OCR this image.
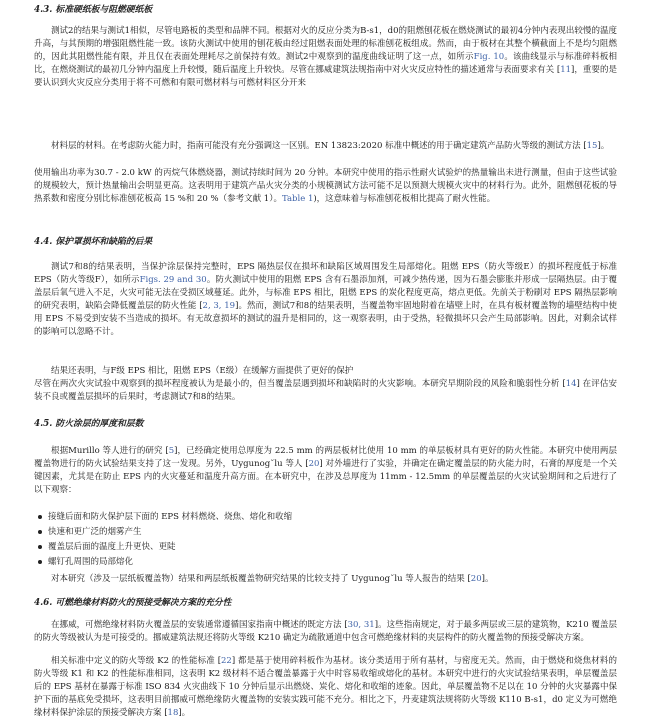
4.3. 标准硬纸板与阻燃硬纸板

测试2的结果与测试1相似，尽管电路板的类型和品牌不同。根据对火的反应分类为B-s1，d0的阻燃刨花板在燃烧测试的最初4分钟内表现出较慢的温度升高，与其预期的增强阻燃性能一致。该防火测试中使用的刨花板由经过阻燃表面处理的标准刨花板组成。然而，由于板材在其整个横截面上不是均匀阻燃的，因此其阻燃性能有限，并且仅在表面处理耗尽之前保持有效。测试2中观察到的温度曲线证明了这一点，如所示Fig. 10。该曲线显示与标准碎料板相比，在燃烧测试的最初几分钟内温度上升较慢，随后温度上升较快。尽管在挪威建筑法规指南中对火灾反应特性的描述通常与表面要求有关 [11]，重要的是要认识到火灾反应分类用于将不可燃和有限可燃材料与可燃材料区分开来

材料层的材料。在考虑防火能力时，指南可能没有充分强调这一区别。EN 13823:2020 标准中概述的用于确定建筑产品防火等级的测试方法 [15]。

使用输出功率为30.7 - 2.0 kW 的丙烷气体燃烧器，测试持续时间为 20 分钟。本研究中使用的指示性耐火试验炉的热量输出未进行测量，但由于这些试验的规模较大，预计热量输出会明显更高。这表明用于建筑产品火灾分类的小规模测试方法可能不足以预测大规模火灾中的材料行为。此外，阻燃刨花板的导热系数和密度分别比标准刨花板高 15 %和 20 %（参考文献 1）。Table 1)，这意味着与标准刨花板相比提高了耐火性能。

4.4. 保护罩损坏和缺陷的后果

测试7和8的结果表明，当保护涂层保持完整时，EPS 隔热层仅在损坏和缺陷区域周围发生局部熔化。阻燃 EPS（防火等级E）的损坏程度低于标准 EPS（防火等级F），如所示Figs. 29 and 30。防火测试中使用的阻燃 EPS 含有石墨添加剂，可减少热传递，因为石墨会膨胀并形成一层隔热层。由于覆盖层后氧气进入不足，火灾可能无法在受损区域蔓延。此外，与标准 EPS 相比，阻燃 EPS 的炭化程度更高，熔点更低。先前关于粉刷对 EPS 隔热层影响的研究表明，缺陷会降低覆盖层的防火性能 [2, 3, 19]。然而，测试7和8的结果表明，当覆盖物牢固地附着在墙壁上时，在具有板材覆盖物的墙壁结构中使用 EPS 不易受到安装不当造成的损坏。有无故意损坏的测试的温升是相同的，这一观察表明，由于受热，轻微损坏只会产生局部影响。因此，对剩余试样的影响可以忽略不计。

结果还表明，与F级 EPS 相比，阻燃 EPS（E级）在缓解方面提供了更好的保护

尽管在两次火灾试验中观察到的损坏程度被认为是最小的，但当覆盖层遇到损坏和缺陷时的火灾影响。本研究早期阶段的风险和脆弱性分析 [14] 在评估安装不良或覆盖层损坏的后果时，考虑测试7和8的结果。

4.5. 防火涂层的厚度和层数

根据Murillo 等人进行的研究 [5]，已经确定使用总厚度为 22.5 mm 的两层板材比使用 10 mm 的单层板材具有更好的防火性能。本研究中使用两层覆盖物进行的防火试验结果支持了这一发现。另外，Uygunog˘lu 等人 [20] 对外墙进行了实验，并确定在确定覆盖层的防火能力时，石膏的厚度是一个关键因素，尤其是在防止 EPS 内的火灾蔓延和温度升高方面。在本研究中，在涉及总厚度为 11mm - 12.5mm 的单层覆盖层的火灾试验期间和之后进行了以下观察：

接缝后面和防火保护层下面的 EPS 材料燃烧、烧焦、熔化和收缩
快速和更广泛的烟雾产生
覆盖层后面的温度上升更快、更陡
螺钉孔周围的局部熔化

对本研究（涉及一层纸板覆盖物）结果和两层纸板覆盖物研究结果的比较支持了 Uygunog˘lu 等人报告的结果 [20]。

4.6. 可燃绝缘材料防火的预接受解决方案的充分性

在挪威，可燃绝缘材料防火覆盖层的安装通常遵循国家指南中概述的既定方法 [30, 31]。这些指南规定，对于最多两层或三层的建筑物，K210 覆盖层的防火等级被认为是可接受的。挪威建筑法规还将防火等级 K210 确定为疏散通道中包含可燃绝缘材料的夹层构件的防火覆盖物的预接受解决方案。

相关标准中定义的防火等级 K2 的性能标准 [22] 都是基于使用碎料板作为基材。该分类适用于所有基材，与密度无关。然而，由于燃烧和烧焦材料的防火等级 K1 和 K2 的性能标准相同，这表明 K2 级材料不适合覆盖暴露于火中时容易收缩或熔化的基材。本研究中进行的火灾试验结果表明，单层覆盖层后的 EPS 基材在暴露于标准 ISO 834 火灾曲线下 10 分钟后显示出燃烧、炭化、熔化和收缩的迹象。因此，单层覆盖物不足以在 10 分钟的火灾暴露中保护下面的基底免受损坏，这表明目前挪威可燃绝缘防火覆盖物的安装实践可能不充分。相比之下，丹麦建筑法规将防火等级 K110 B-s1，d0 定义为可燃绝缘材料保护涂层的预接受解决方案 [18]。
